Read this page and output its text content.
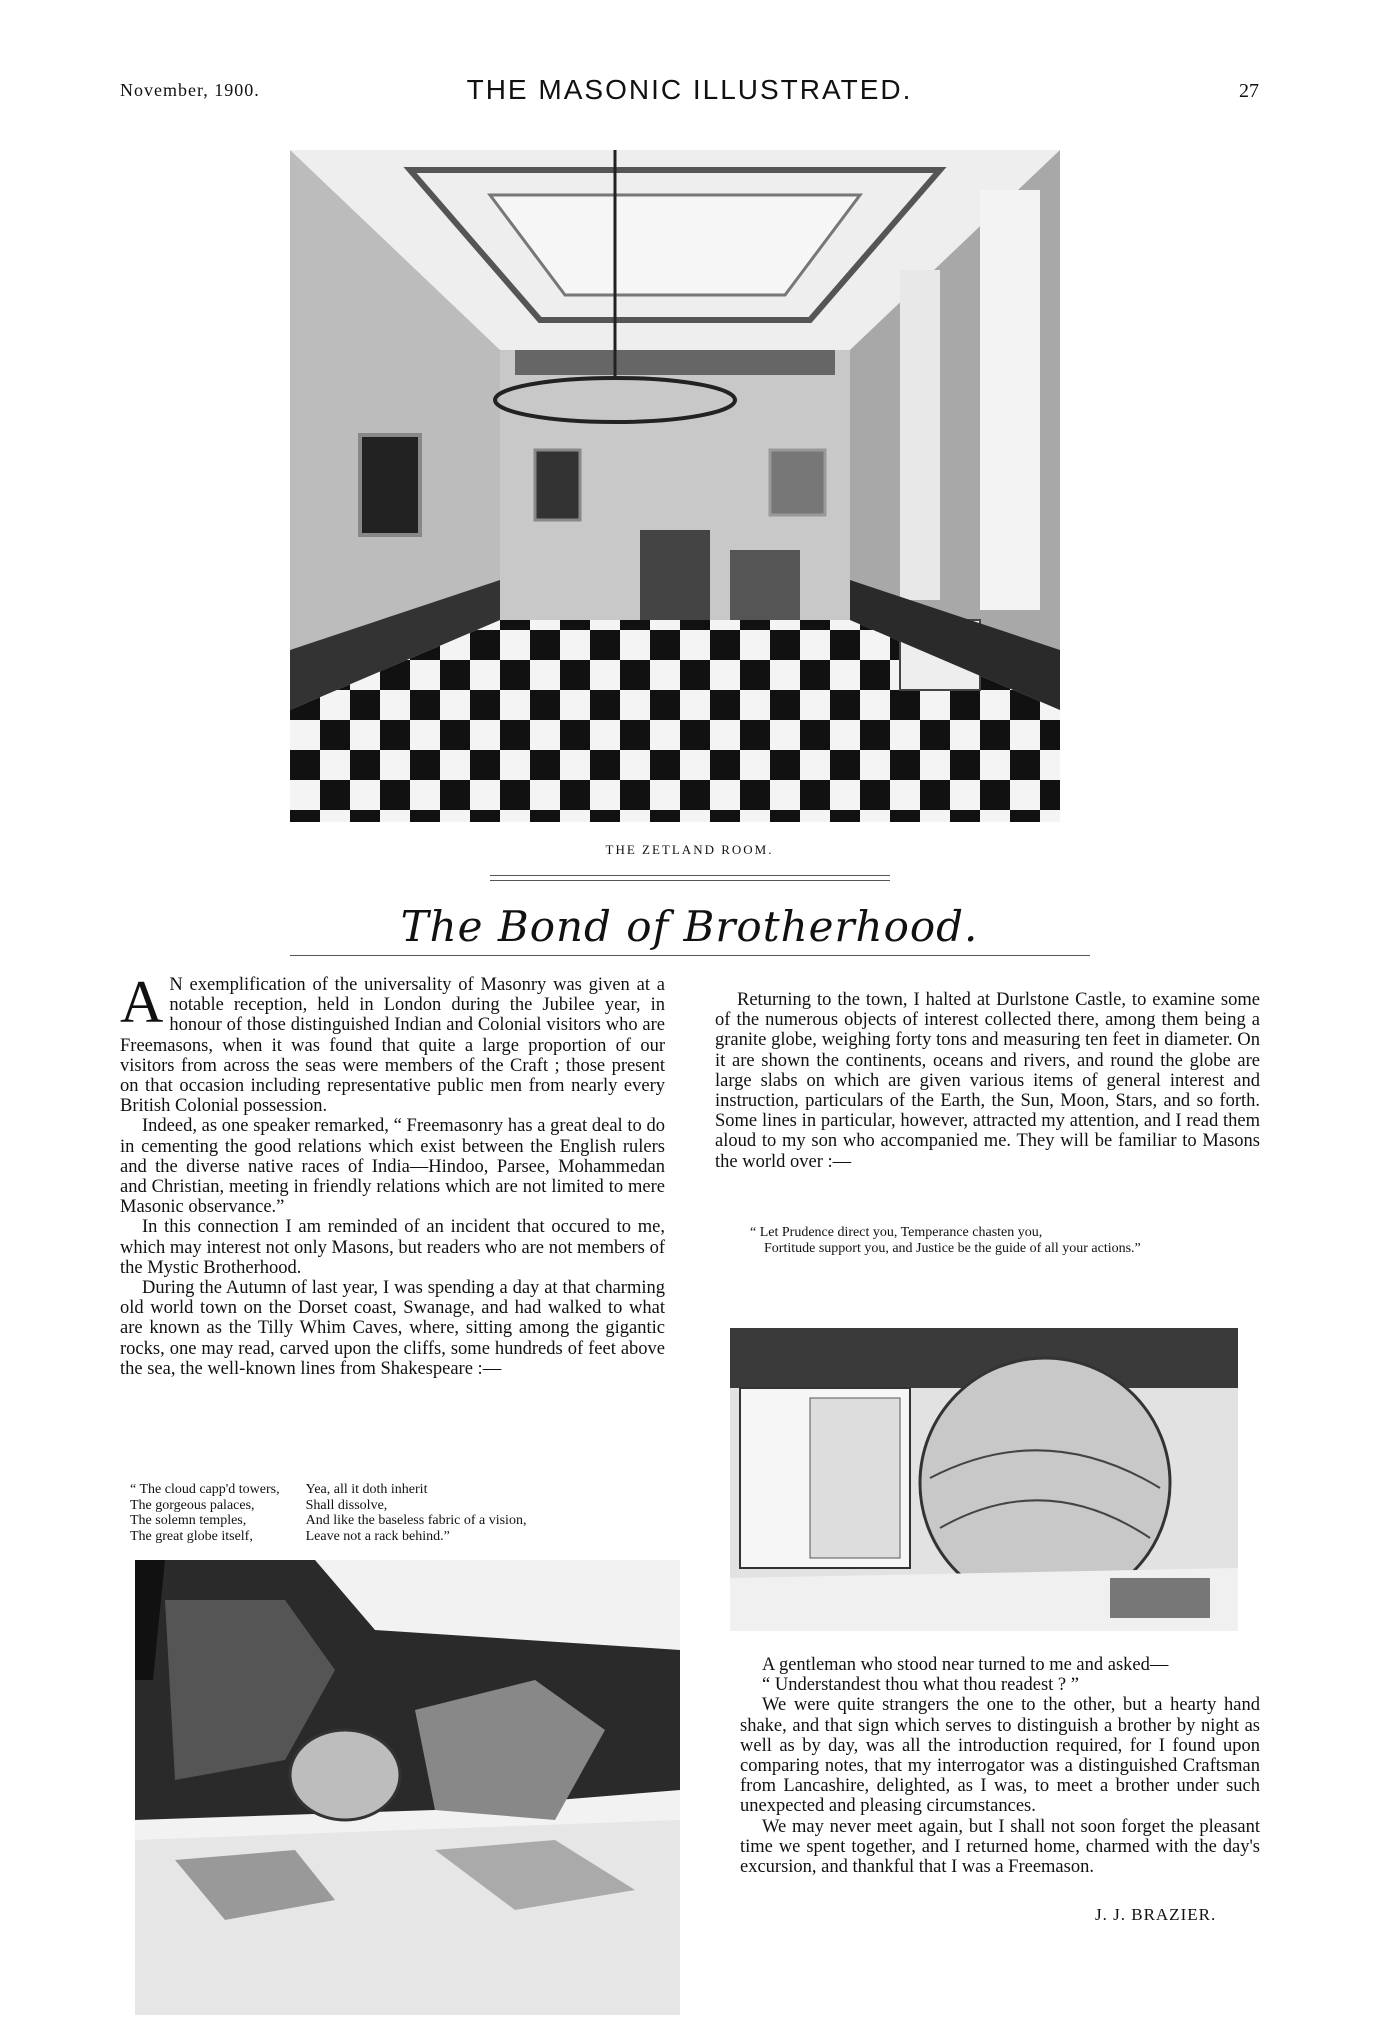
November, 1900.	THE MASONIC ILLUSTRATED.	27
THE ZETLAND ROOM.
The Bond of Brotherhood.

A N exemplification of the universality of Masonry was given at a notable reception, held in London during the Jubilee year, in honour of those distinguished Indian and Colonial visitors who are Freemasons, when it was found that quite a large proportion of our visitors from across the seas were members of the Craft ; those present on that occasion including representative public men from nearly every British Colonial possession.

Indeed, as one speaker remarked, “ Freemasonry has a great deal to do in cementing the good relations which exist between the English rulers and the diverse native races of India—Hindoo, Parsee, Mohammedan and Christian, meeting in friendly relations which are not limited to mere Masonic observance.”

In this connection I am reminded of an incident that occured to me, which may interest not only Masons, but readers who are not members of the Mystic Brotherhood.

During the Autumn of last year, I was spending a day at that charming old world town on the Dorset coast, Swanage, and had walked to what are known as the Tilly Whim Caves, where, sitting among the gigantic rocks, one may read, carved upon the cliffs, some hundreds of feet above the sea, the well-known lines from Shakespeare :—

“ The cloud capp'd towers,
The gorgeous palaces,
The solemn temples,
The great globe itself,
Yea, all it doth inherit
Shall dissolve,
And like the baseless fabric of a vision,
Leave not a rack behind.”

Returning to the town, I halted at Durlstone Castle, to examine some of the numerous objects of interest collected there, among them being a granite globe, weighing forty tons and measuring ten feet in diameter. On it are shown the continents, oceans and rivers, and round the globe are large slabs on which are given various items of general interest and instruction, particulars of the Earth, the Sun, Moon, Stars, and so forth. Some lines in particular, however, attracted my attention, and I read them aloud to my son who accompanied me. They will be familiar to Masons the world over :—

“ Let Prudence direct you, Temperance chasten you,
Fortitude support you, and Justice be the guide of all your actions.”

A gentleman who stood near turned to me and asked—

“ Understandest thou what thou readest ? ”

We were quite strangers the one to the other, but a hearty hand shake, and that sign which serves to distinguish a brother by night as well as by day, was all the introduction required, for I found upon comparing notes, that my interrogator was a distinguished Craftsman from Lancashire, delighted, as I was, to meet a brother under such unexpected and pleasing circumstances.

We may never meet again, but I shall not soon forget the pleasant time we spent together, and I returned home, charmed with the day's excursion, and thankful that I was a Freemason.

J. J. BRAZIER.
